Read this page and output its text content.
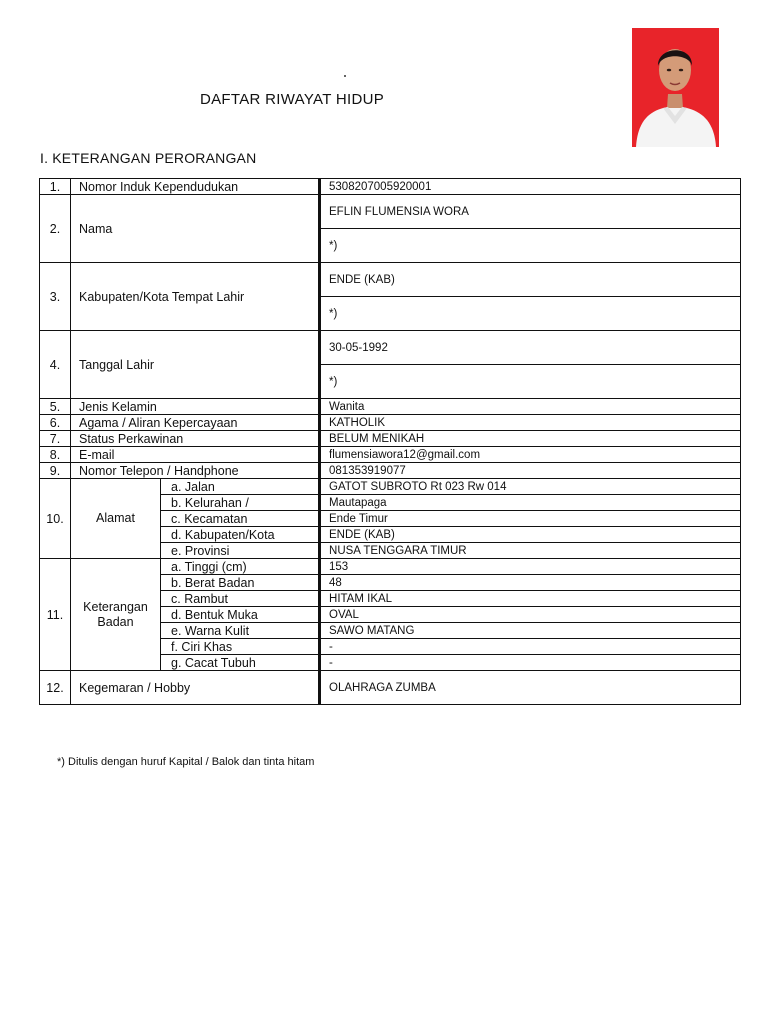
DAFTAR RIWAYAT HIDUP
I. KETERANGAN PERORANGAN
1.	Nomor Induk Kependudukan		5308207005920001
2.	Nama		EFLIN FLUMENSIA WORA
			*)
3.	Kabupaten/Kota Tempat Lahir		ENDE (KAB)
			*)
4.	Tanggal Lahir		30-05-1992
			*)
5.	Jenis Kelamin		Wanita
6.	Agama / Aliran Kepercayaan		KATHOLIK
7.	Status Perkawinan		BELUM MENIKAH
8.	E-mail		flumensiawora12@gmail.com
9.	Nomor Telepon / Handphone		081353919077
10.	Alamat	a. Jalan	GATOT SUBROTO Rt 023 Rw 014
		b. Kelurahan /	Mautapaga
		c. Kecamatan	Ende Timur
		d. Kabupaten/Kota	ENDE (KAB)
		e. Provinsi	NUSA TENGGARA TIMUR
11.	Keterangan Badan	a. Tinggi (cm)	153
		b. Berat Badan	48
		c. Rambut	HITAM IKAL
		d. Bentuk Muka	OVAL
		e. Warna Kulit	SAWO MATANG
		f. Ciri Khas	-
		g. Cacat Tubuh	-
12.	Kegemaran / Hobby		OLAHRAGA ZUMBA
*) Ditulis dengan huruf Kapital / Balok dan tinta hitam
